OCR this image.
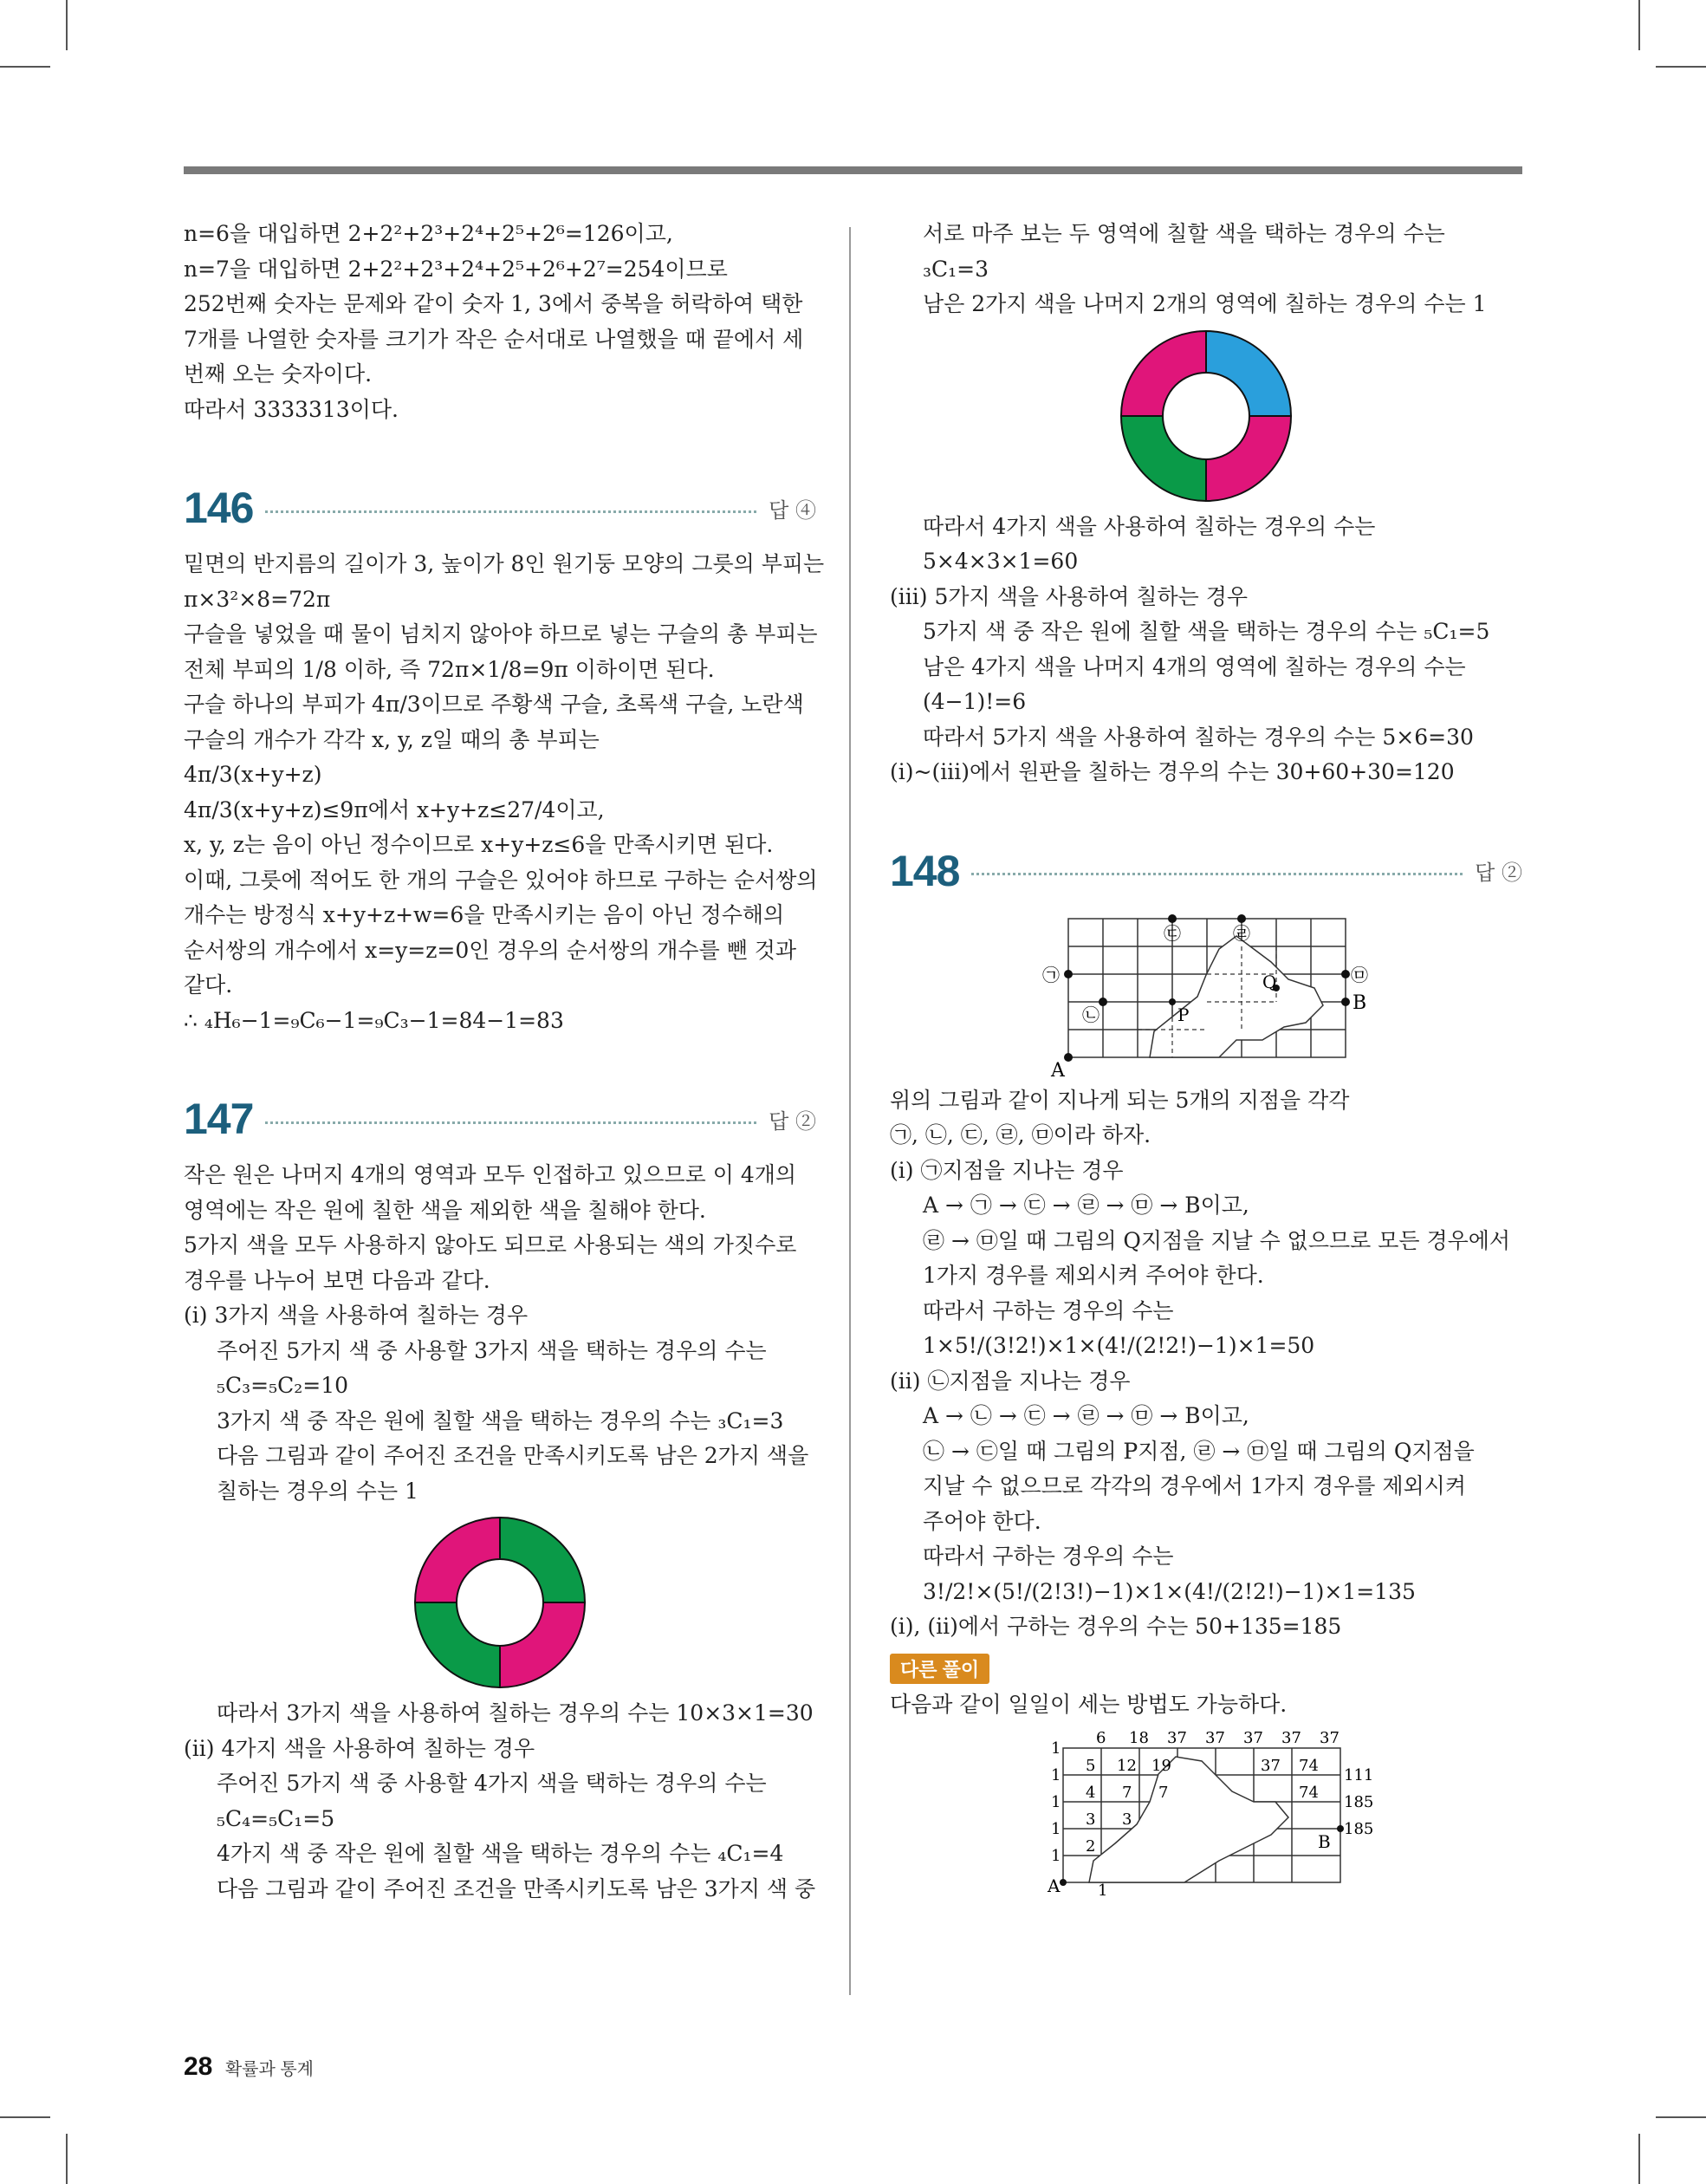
n=6을 대입하면 2+2²+2³+2⁴+2⁵+2⁶=126이고,
n=7을 대입하면 2+2²+2³+2⁴+2⁵+2⁶+2⁷=254이므로
252번째 숫자는 문제와 같이 숫자 1, 3에서 중복을 허락하여 택한
7개를 나열한 숫자를 크기가 작은 순서대로 나열했을 때 끝에서 세
번째 오는 숫자이다.
따라서 3333313이다.
146	답 ④
밑면의 반지름의 길이가 3, 높이가 8인 원기둥 모양의 그릇의 부피는
π×3²×8=72π
구슬을 넣었을 때 물이 넘치지 않아야 하므로 넣는 구슬의 총 부피는
전체 부피의 1/8 이하, 즉 72π×1/8=9π 이하이면 된다.
구슬 하나의 부피가 4π/3이므로 주황색 구슬, 초록색 구슬, 노란색
구슬의 개수가 각각 x, y, z일 때의 총 부피는
4π/3(x+y+z)
4π/3(x+y+z)≤9π에서 x+y+z≤27/4이고,
x, y, z는 음이 아닌 정수이므로 x+y+z≤6을 만족시키면 된다.
이때, 그릇에 적어도 한 개의 구슬은 있어야 하므로 구하는 순서쌍의
개수는 방정식 x+y+z+w=6을 만족시키는 음이 아닌 정수해의
순서쌍의 개수에서 x=y=z=0인 경우의 순서쌍의 개수를 뺀 것과
같다.
∴ ₄H₆−1=₉C₆−1=₉C₃−1=84−1=83
147	답 ②
작은 원은 나머지 4개의 영역과 모두 인접하고 있으므로 이 4개의
영역에는 작은 원에 칠한 색을 제외한 색을 칠해야 한다.
5가지 색을 모두 사용하지 않아도 되므로 사용되는 색의 가짓수로
경우를 나누어 보면 다음과 같다.
(ⅰ) 3가지 색을 사용하여 칠하는 경우
주어진 5가지 색 중 사용할 3가지 색을 택하는 경우의 수는
₅C₃=₅C₂=10
3가지 색 중 작은 원에 칠할 색을 택하는 경우의 수는 ₃C₁=3
다음 그림과 같이 주어진 조건을 만족시키도록 남은 2가지 색을
칠하는 경우의 수는 1
따라서 3가지 색을 사용하여 칠하는 경우의 수는 10×3×1=30
(ⅱ) 4가지 색을 사용하여 칠하는 경우
주어진 5가지 색 중 사용할 4가지 색을 택하는 경우의 수는
₅C₄=₅C₁=5
4가지 색 중 작은 원에 칠할 색을 택하는 경우의 수는 ₄C₁=4
다음 그림과 같이 주어진 조건을 만족시키도록 남은 3가지 색 중
서로 마주 보는 두 영역에 칠할 색을 택하는 경우의 수는
₃C₁=3
남은 2가지 색을 나머지 2개의 영역에 칠하는 경우의 수는 1
따라서 4가지 색을 사용하여 칠하는 경우의 수는
5×4×3×1=60
(ⅲ) 5가지 색을 사용하여 칠하는 경우
5가지 색 중 작은 원에 칠할 색을 택하는 경우의 수는 ₅C₁=5
남은 4가지 색을 나머지 4개의 영역에 칠하는 경우의 수는
(4−1)!=6
따라서 5가지 색을 사용하여 칠하는 경우의 수는 5×6=30
(ⅰ)~(ⅲ)에서 원판을 칠하는 경우의 수는 30+60+30=120
148	답 ②
A
B
P
Q
㉠
㉡
㉢	㉣
㉤
위의 그림과 같이 지나게 되는 5개의 지점을 각각
㉠, ㉡, ㉢, ㉣, ㉤이라 하자.
(ⅰ) ㉠지점을 지나는 경우
A → ㉠ → ㉢ → ㉣ → ㉤ → B이고,
㉣ → ㉤일 때 그림의 Q지점을 지날 수 없으므로 모든 경우에서
1가지 경우를 제외시켜 주어야 한다.
따라서 구하는 경우의 수는
1×5!/(3!2!)×1×(4!/(2!2!)−1)×1=50
(ⅱ) ㉡지점을 지나는 경우
A → ㉡ → ㉢ → ㉣ → ㉤ → B이고,
㉡ → ㉢일 때 그림의 P지점, ㉣ → ㉤일 때 그림의 Q지점을
지날 수 없으므로 각각의 경우에서 1가지 경우를 제외시켜
주어야 한다.
따라서 구하는 경우의 수는
3!/2!×(5!/(2!3!)−1)×1×(4!/(2!2!)−1)×1=135
(ⅰ), (ⅱ)에서 구하는 경우의 수는 50+135=185
다른 풀이
다음과 같이 일일이 세는 방법도 가능하다.
A
B
6 18 37 37 37 37 37
1
1
1
1
1
111
185
185
5 12 19	37 74
4 7 7	74
3 3
2
1
28 확률과 통계
